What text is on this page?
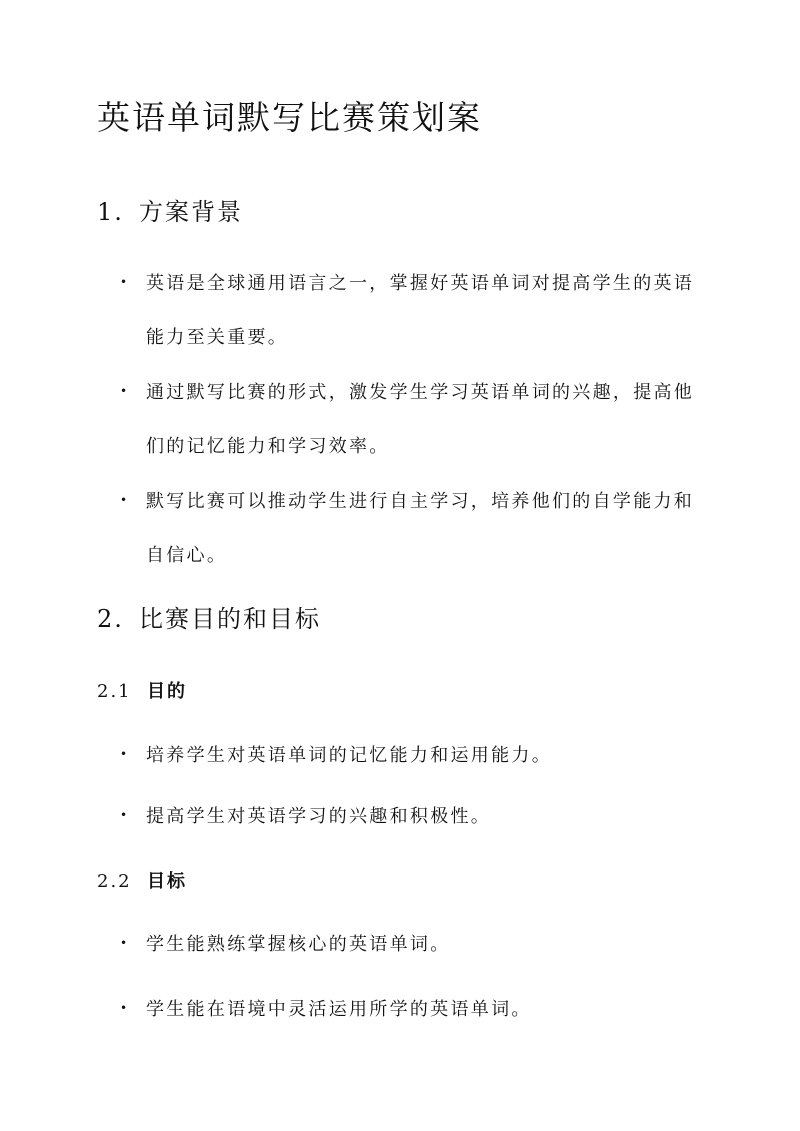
英语单词默写比赛策划案
1. 方案背景
• 英语是全球通用语言之一，掌握好英语单词对提高学生的英语能力至关重要。
• 通过默写比赛的形式，激发学生学习英语单词的兴趣，提高他们的记忆能力和学习效率。
• 默写比赛可以推动学生进行自主学习，培养他们的自学能力和自信心。
2. 比赛目的和目标
2.1 目的
• 培养学生对英语单词的记忆能力和运用能力。
• 提高学生对英语学习的兴趣和积极性。
2.2 目标
• 学生能熟练掌握核心的英语单词。
• 学生能在语境中灵活运用所学的英语单词。
